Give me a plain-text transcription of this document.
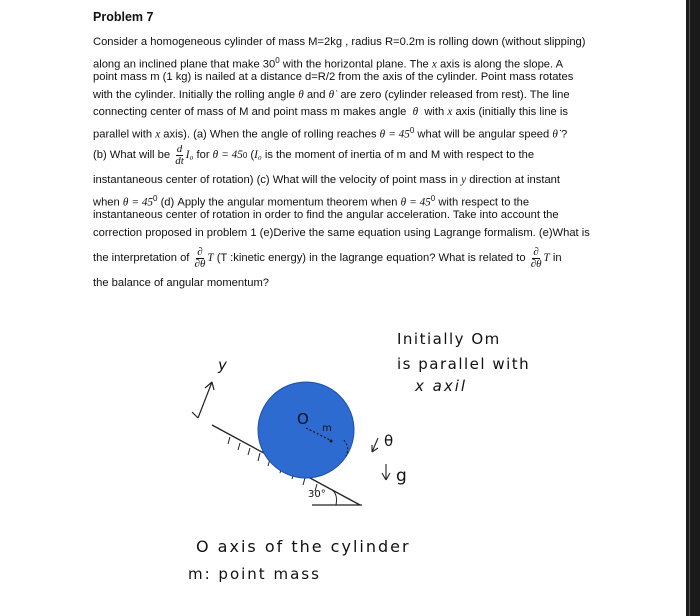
Problem 7
Consider a homogeneous cylinder of mass M=2kg , radius R=0.2m is rolling down (without slipping)
along an inclined plane that make $30^0$ with the horizontal plane. The x axis is along the slope. A
point mass m (1 kg) is nailed at a distance d=R/2 from the axis of the cylinder. Point mass rotates
with the cylinder. Initially the rolling angle θ and θ̇ are zero (cylinder released from rest). The line
connecting center of mass of M and point mass m makes angle θ with x axis (initially this line is
parallel with x axis). (a) When the angle of rolling reaches $\theta = 45^0$ what will be angular speed θ̇ ?
(b) What will be
$\frac{d}{dt} I_0$
for
θ
= 45 0
( I₀
is the moment of inertia of m and M with respect to the
instantaneous center of rotation) (c) What will the velocity of point mass in y direction at instant
when $\theta = 45^0$ (d) Apply the angular momentum theorem when $\theta = 45^0$ with respect to the
instantaneous center of rotation in order to find the angular acceleration. Take into account the
correction proposed in problem 1 (e)Derive the same equation using Lagrange formalism. (e)What is
the interpretation of
$\frac{\partial}{\partial\theta}$ T
(T :kinetic energy) in the lagrange equation? What is related to
$\frac{\partial}{\partial\theta}$ T
in
the balance of angular momentum?
30°
y
O
m
θ
g
Initially Om
is parallel with
x axil
O axis of the cylinder
m: point mass
